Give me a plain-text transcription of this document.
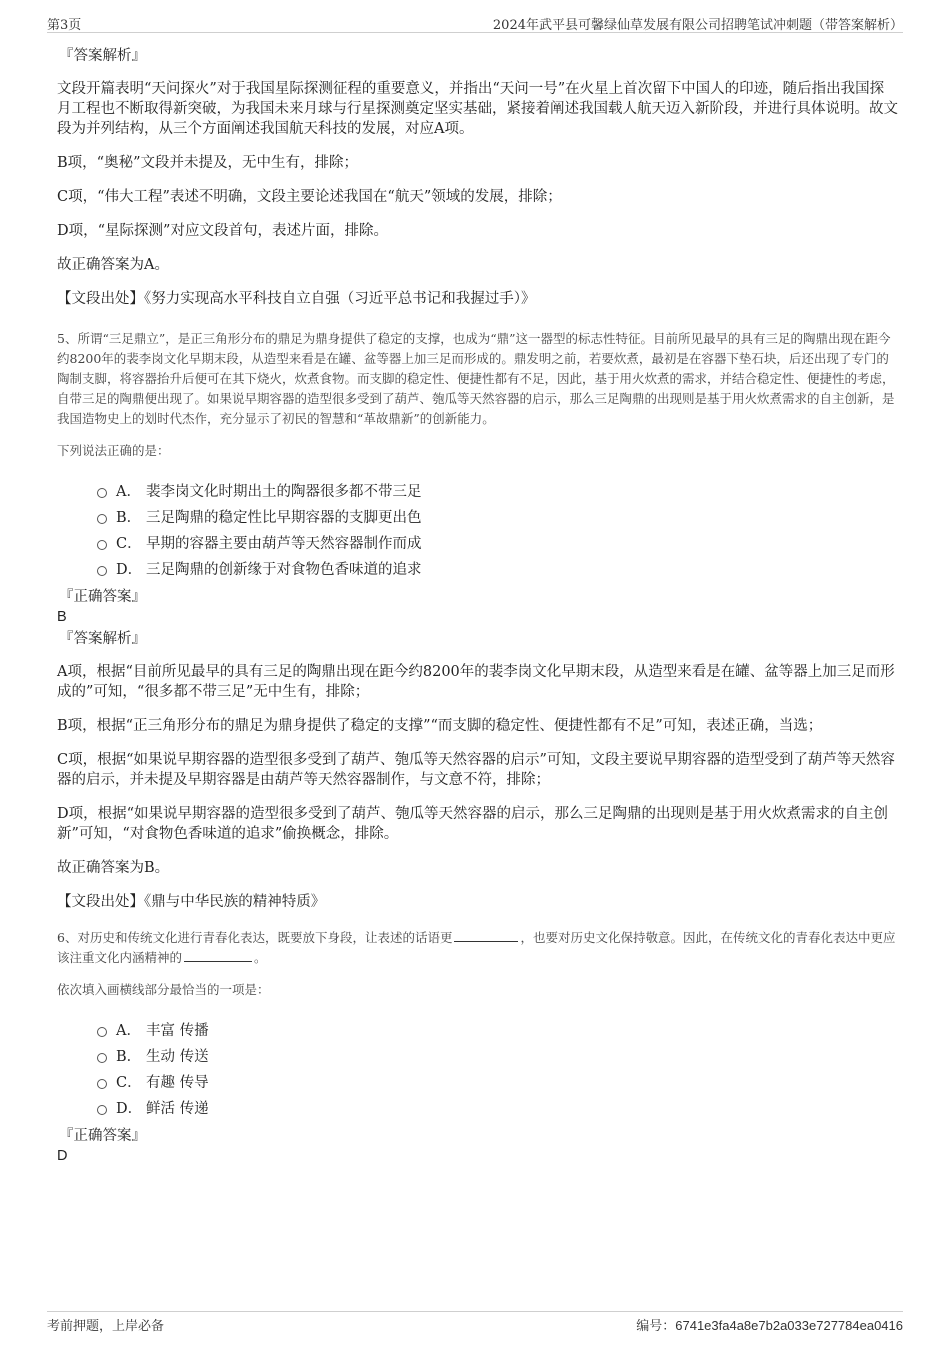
第3页	2024年武平县可馨绿仙草发展有限公司招聘笔试冲刺题（带答案解析）
『答案解析』
文段开篇表明“天问探火”对于我国星际探测征程的重要意义，并指出“天问一号”在火星上首次留下中国人的印迹，随后指出我国探月工程也不断取得新突破，为我国未来月球与行星探测奠定坚实基础，紧接着阐述我国载人航天迈入新阶段，并进行具体说明。故文段为并列结构，从三个方面阐述我国航天科技的发展，对应A项。
B项，“奥秘”文段并未提及，无中生有，排除；
C项，“伟大工程”表述不明确，文段主要论述我国在“航天”领域的发展，排除；
D项，“星际探测”对应文段首句，表述片面，排除。
故正确答案为A。
【文段出处】《努力实现高水平科技自立自强（习近平总书记和我握过手）》
5、所谓“三足鼎立”，是正三角形分布的鼎足为鼎身提供了稳定的支撑，也成为“鼎”这一器型的标志性特征。目前所见最早的具有三足的陶鼎出现在距今约8200年的裴李岗文化早期末段，从造型来看是在罐、盆等器上加三足而形成的。鼎发明之前，若要炊煮，最初是在容器下垫石块，后还出现了专门的陶制支脚，将容器抬升后便可在其下烧火，炊煮食物。而支脚的稳定性、便捷性都有不足，因此，基于用火炊煮的需求，并结合稳定性、便捷性的考虑，自带三足的陶鼎便出现了。如果说早期容器的造型很多受到了葫芦、匏瓜等天然容器的启示，那么三足陶鼎的出现则是基于用火炊煮需求的自主创新，是我国造物史上的划时代杰作，充分显示了初民的智慧和“革故鼎新”的创新能力。
下列说法正确的是：
A． 裴李岗文化时期出土的陶器很多都不带三足
B． 三足陶鼎的稳定性比早期容器的支脚更出色
C． 早期的容器主要由葫芦等天然容器制作而成
D． 三足陶鼎的创新缘于对食物色香味道的追求
『正确答案』
B
『答案解析』
A项，根据“目前所见最早的具有三足的陶鼎出现在距今约8200年的裴李岗文化早期末段，从造型来看是在罐、盆等器上加三足而形成的”可知，“很多都不带三足”无中生有，排除；
B项，根据“正三角形分布的鼎足为鼎身提供了稳定的支撑”“而支脚的稳定性、便捷性都有不足”可知，表述正确，当选；
C项，根据“如果说早期容器的造型很多受到了葫芦、匏瓜等天然容器的启示”可知，文段主要说早期容器的造型受到了葫芦等天然容器的启示，并未提及早期容器是由葫芦等天然容器制作，与文意不符，排除；
D项，根据“如果说早期容器的造型很多受到了葫芦、匏瓜等天然容器的启示，那么三足陶鼎的出现则是基于用火炊煮需求的自主创新”可知，“对食物色香味道的追求”偷换概念，排除。
故正确答案为B。
【文段出处】《鼎与中华民族的精神特质》
6、对历史和传统文化进行青春化表达，既要放下身段，让表述的话语更	，也要对历史文化保持敬意。因此，在传统文化的青春化表达中更应该注重文化内涵精神的	。
依次填入画横线部分最恰当的一项是：
A． 丰富 传播
B． 生动 传送
C． 有趣 传导
D． 鲜活 传递
『正确答案』
D
考前押题，上岸必备	编号：6741e3fa4a8e7b2a033e727784ea0416
